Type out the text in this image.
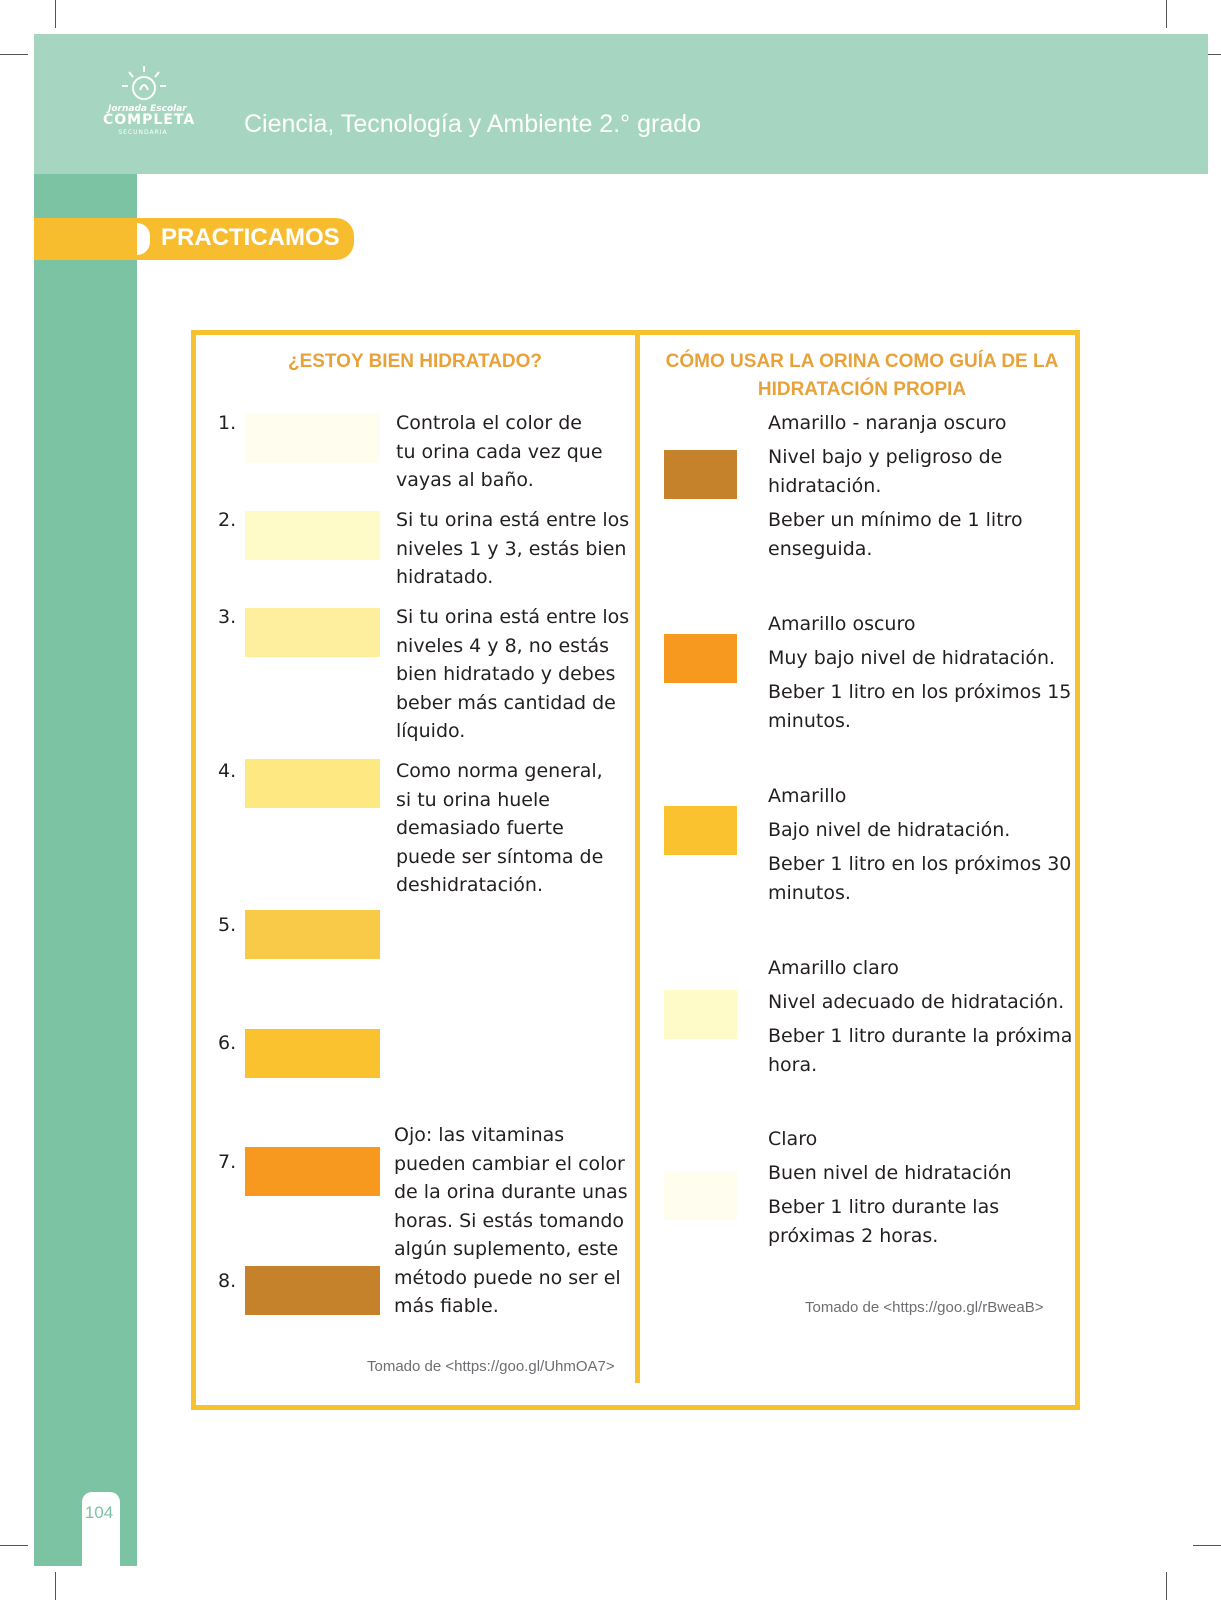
Jornada Escolar
COMPLETA
SECUNDARIA	Ciencia, Tecnología y Ambiente 2.° grado
104
PRACTICAMOS
¿ESTOY BIEN HIDRATADO?
1.
2.
3.
4.
5.
6.
7.
8.
Controla el color de
tu orina cada vez que
vayas al baño.
Si tu orina está entre los
niveles 1 y 3, estás bien
hidratado.
Si tu orina está entre los
niveles 4 y 8, no estás
bien hidratado y debes
beber más cantidad de
líquido.
Como norma general,
si tu orina huele
demasiado fuerte
puede ser síntoma de
deshidratación.
Ojo: las vitaminas
pueden cambiar el color
de la orina durante unas
horas. Si estás tomando
algún suplemento, este
método puede no ser el
más fiable.
Tomado de <https://goo.gl/UhmOA7>
CÓMO USAR LA ORINA COMO GUÍA DE LA
HIDRATACIÓN PROPIA
Amarillo - naranja oscuro
Nivel bajo y peligroso de
hidratación.
Beber un mínimo de 1 litro
enseguida.
Amarillo oscuro
Muy bajo nivel de hidratación.
Beber 1 litro en los próximos 15
minutos.
Amarillo
Bajo nivel de hidratación.
Beber 1 litro en los próximos 30
minutos.
Amarillo claro
Nivel adecuado de hidratación.
Beber 1 litro durante la próxima
hora.
Claro
Buen nivel de hidratación
Beber 1 litro durante las
próximas 2 horas.
Tomado de <https://goo.gl/rBweaB>
